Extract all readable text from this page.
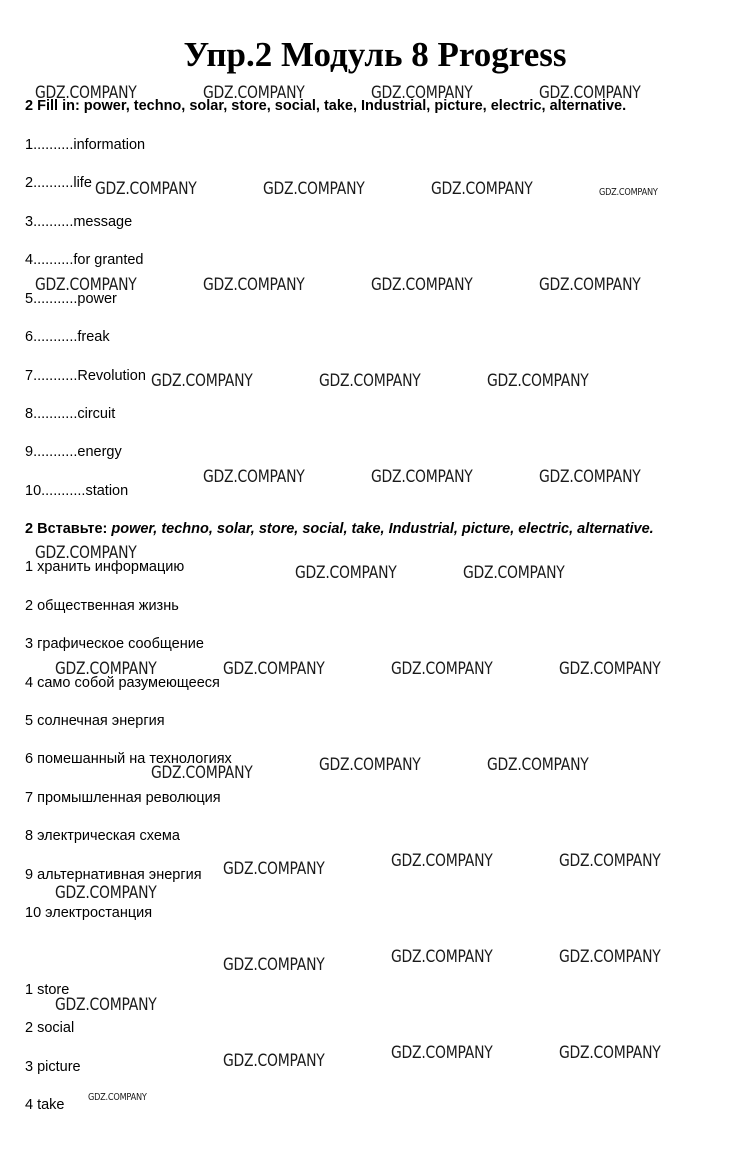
Упр.2 Модуль 8 Progress

2 Fill in: power, techno, solar, store, social, take, Industrial, picture, electric, alternative.

1..........information

2..........life

3..........message

4..........for granted

5...........power

6...........freak

7...........Revolution

8...........circuit

9...........energy

10...........station

2 Вставьте: power, techno, solar, store, social, take, Industrial, picture, electric, alternative.

1 хранить информацию

2 общественная жизнь

3 графическое сообщение

4 само собой разумеющееся

5 солнечная энергия

6 помешанный на технологиях

7 промышленная революция

8 электрическая схема

9 альтернативная энергия

10 электростанция

1 store

2 social

3 picture

4 take

GDZ.COMPANY	GDZ.COMPANY	GDZ.COMPANY	GDZ.COMPANY
GDZ.COMPANY	GDZ.COMPANY	GDZ.COMPANY	GDZ.COMPANY
GDZ.COMPANY	GDZ.COMPANY	GDZ.COMPANY	GDZ.COMPANY
GDZ.COMPANY	GDZ.COMPANY	GDZ.COMPANY
GDZ.COMPANY	GDZ.COMPANY	GDZ.COMPANY
GDZ.COMPANY
GDZ.COMPANY	GDZ.COMPANY
GDZ.COMPANY	GDZ.COMPANY	GDZ.COMPANY	GDZ.COMPANY
GDZ.COMPANY	GDZ.COMPANY	GDZ.COMPANY
GDZ.COMPANY	GDZ.COMPANY	GDZ.COMPANY
GDZ.COMPANY
GDZ.COMPANY	GDZ.COMPANY	GDZ.COMPANY
GDZ.COMPANY
GDZ.COMPANY	GDZ.COMPANY	GDZ.COMPANY
GDZ.COMPANY
